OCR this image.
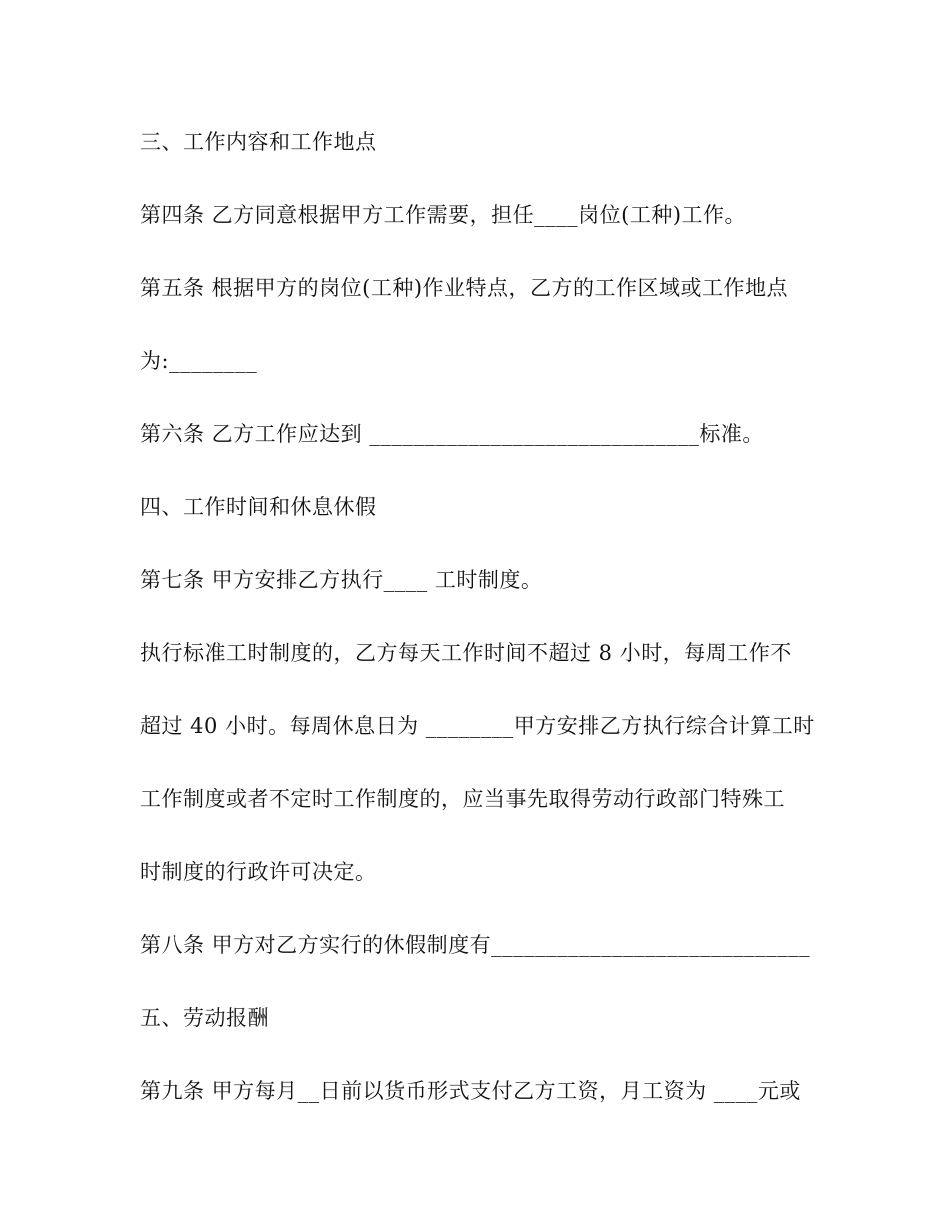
三、工作内容和工作地点
第四条 乙方同意根据甲方工作需要，担任____岗位(工种)工作。
第五条 根据甲方的岗位(工种)作业特点，乙方的工作区域或工作地点
为:________
第六条 乙方工作应达到 ______________________________标准。
四、工作时间和休息休假
第七条 甲方安排乙方执行____ 工时制度。
执行标准工时制度的，乙方每天工作时间不超过 8 小时，每周工作不
超过 40 小时。每周休息日为 ________甲方安排乙方执行综合计算工时
工作制度或者不定时工作制度的，应当事先取得劳动行政部门特殊工
时制度的行政许可决定。
第八条 甲方对乙方实行的休假制度有_____________________________
五、劳动报酬
第九条 甲方每月__日前以货币形式支付乙方工资，月工资为 ____元或
